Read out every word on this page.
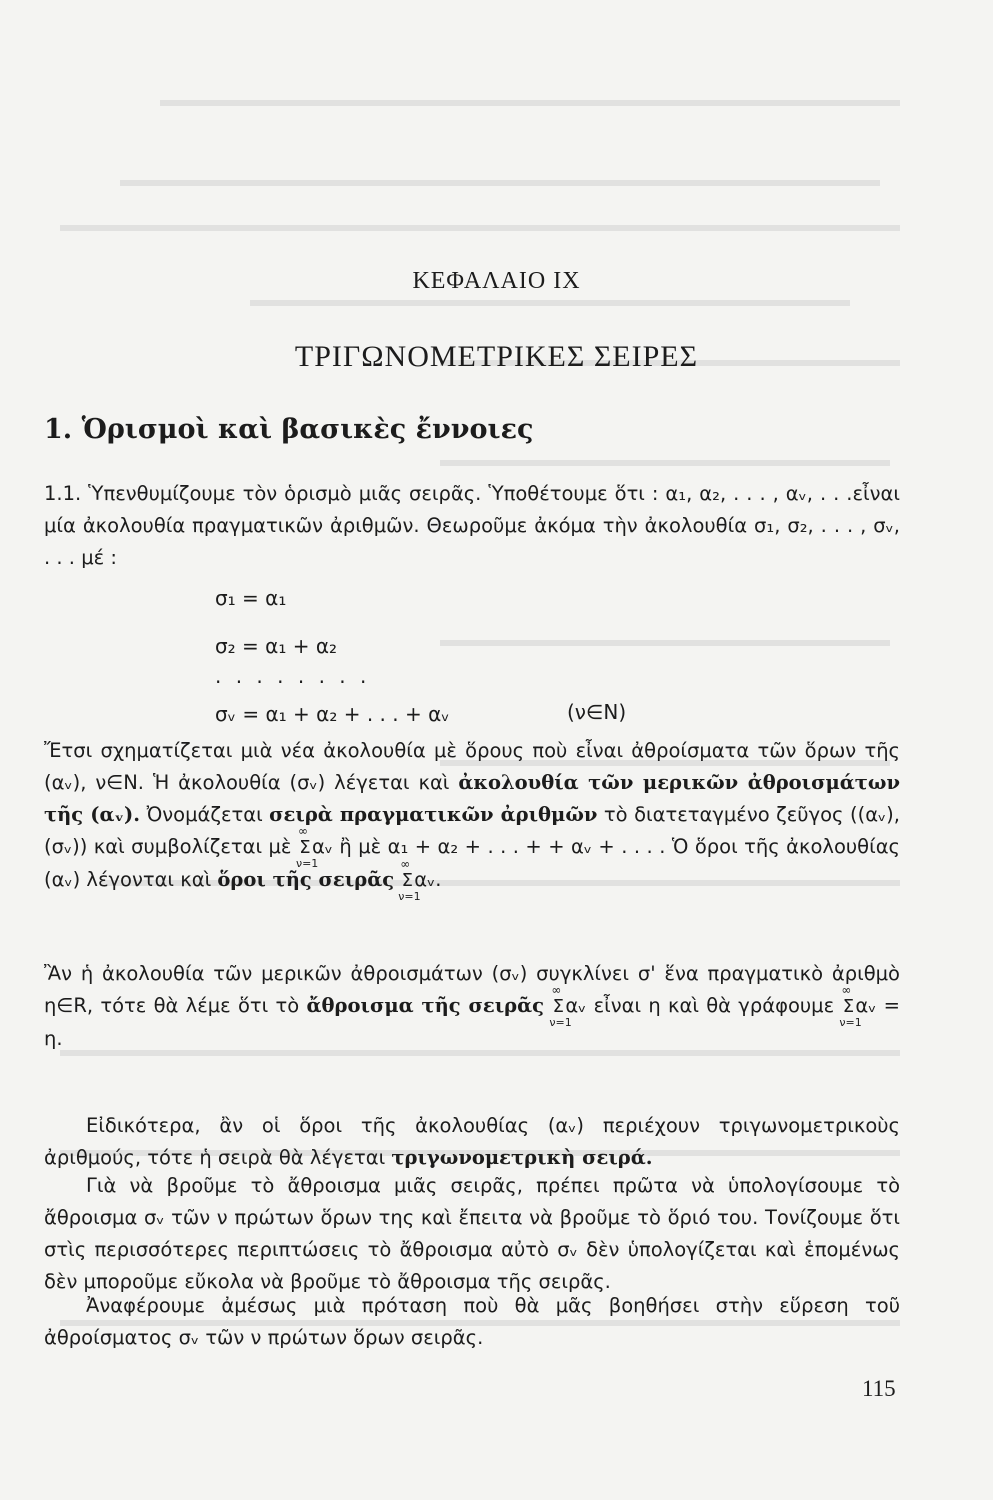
ΚΕΦΑΛΑΙΟ IX
ΤΡΙΓΩΝΟΜΕΤΡΙΚΕΣ ΣΕΙΡΕΣ
1. Ὁρισμοὶ καὶ βασικὲς ἔννοιες
1.1. Ὑπενθυμίζουμε τὸν ὁρισμὸ μιᾶς σειρᾶς. Ὑποθέτουμε ὅτι : α₁, α₂, . . . , αᵥ, . . .εἶναι μία ἀκολουθία πραγματικῶν ἀριθμῶν. Θεωροῦμε ἀκόμα τὴν ἀκολουθία σ₁, σ₂, . . . , σᵥ, . . . μέ :
σ₁ = α₁
σ₂ = α₁ + α₂
. . . . . . . .
σᵥ = α₁ + α₂ + . . . + αᵥ	(ν∈N)
Ἔτσι σχηματίζεται μιὰ νέα ἀκολουθία μὲ ὅρους ποὺ εἶναι ἀθροίσματα τῶν ὅρων τῆς (αᵥ), ν∈N. Ἡ ἀκολουθία (σᵥ) λέγεται καὶ ἀκολουθία τῶν μερικῶν ἀθροισμάτων τῆς (αᵥ). Ὀνομάζεται σειρὰ πραγματικῶν ἀριθμῶν τὸ διατεταγμένο ζεῦγος ((αᵥ), (σᵥ)) καὶ συμβολίζεται μὲ
∞
Σ
ν=1
αᵥ ἢ μὲ α₁ + α₂ + . . . + + αᵥ + . . . . Ὁ ὅροι τῆς ἀκολουθίας (αᵥ) λέγονται καὶ ὅροι τῆς σειρᾶς
∞
Σ
ν=1
αᵥ.
Ἂν ἡ ἀκολουθία τῶν μερικῶν ἀθροισμάτων (σᵥ) συγκλίνει σ' ἕνα πραγματικὸ ἀριθμὸ η∈R, τότε θὰ λέμε ὅτι τὸ ἄθροισμα τῆς σειρᾶς
∞
Σ
ν=1
αᵥ εἶναι η καὶ θὰ γράφουμε
∞
Σ
ν=1
αᵥ = η.
Εἰδικότερα, ἂν οἱ ὅροι τῆς ἀκολουθίας (αᵥ) περιέχουν τριγωνομετρικοὺς ἀριθμούς, τότε ἡ σειρὰ θὰ λέγεται τριγωνομετρικὴ σειρά.
Γιὰ νὰ βροῦμε τὸ ἄθροισμα μιᾶς σειρᾶς, πρέπει πρῶτα νὰ ὑπολογίσουμε τὸ ἄθροισμα σᵥ τῶν ν πρώτων ὅρων της καὶ ἔπειτα νὰ βροῦμε τὸ ὅριό του. Τονίζουμε ὅτι στὶς περισσότερες περιπτώσεις τὸ ἄθροισμα αὐτὸ σᵥ δὲν ὑπολογίζεται καὶ ἑπομένως δὲν μποροῦμε εὔκολα νὰ βροῦμε τὸ ἄθροισμα τῆς σειρᾶς.
Ἀναφέρουμε ἀμέσως μιὰ πρόταση ποὺ θὰ μᾶς βοηθήσει στὴν εὕρεση τοῦ ἀθροίσματος σᵥ τῶν ν πρώτων ὅρων σειρᾶς.
115
